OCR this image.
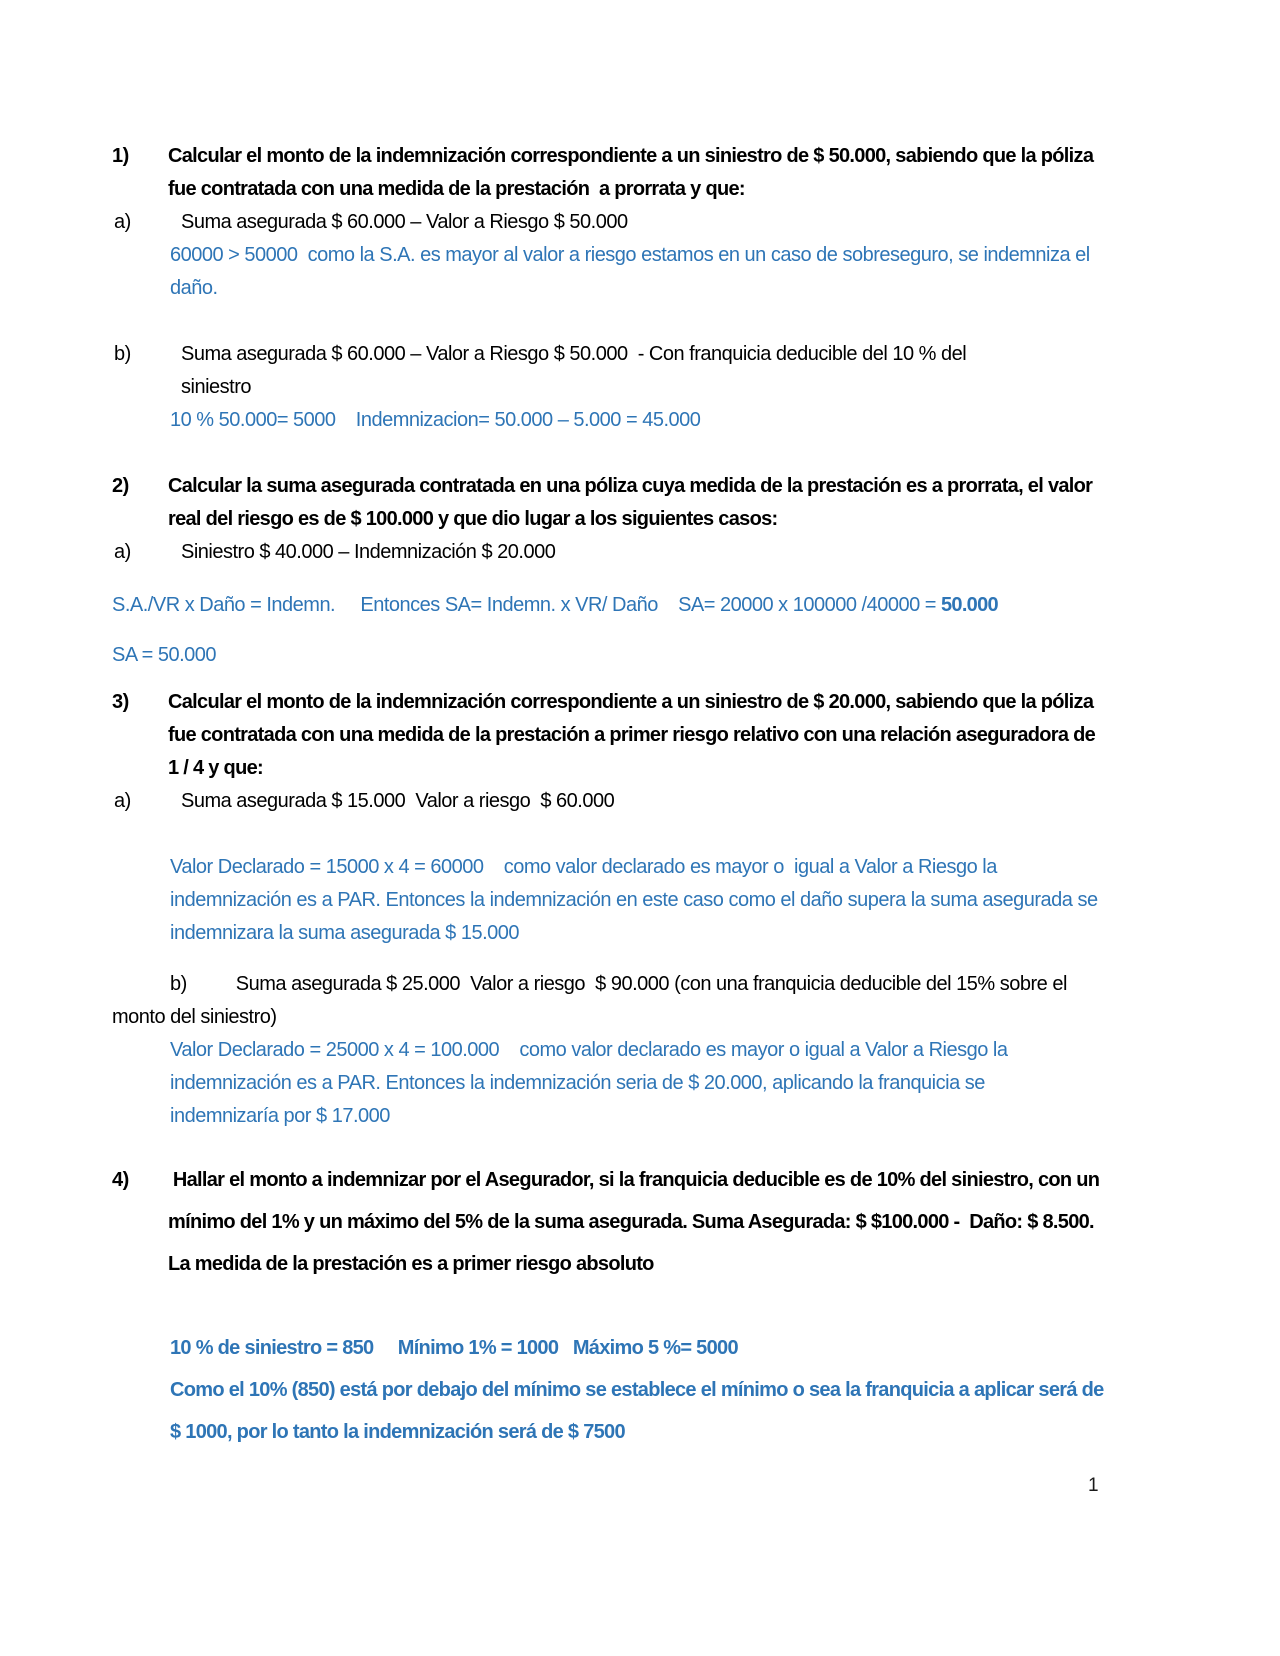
1)	Calcular el monto de la indemnización correspondiente a un siniestro de $ 50.000, sabiendo que la póliza
fue contratada con una medida de la prestación  a prorrata y que:
a)	Suma asegurada $ 60.000 – Valor a Riesgo $ 50.000
60000 > 50000  como la S.A. es mayor al valor a riesgo estamos en un caso de sobreseguro, se indemniza el
daño.
b)	Suma asegurada $ 60.000 – Valor a Riesgo $ 50.000  - Con franquicia deducible del 10 % del
siniestro
10 % 50.000= 5000    Indemnizacion= 50.000 – 5.000 = 45.000
2)	Calcular la suma asegurada contratada en una póliza cuya medida de la prestación es a prorrata, el valor
real del riesgo es de $ 100.000 y que dio lugar a los siguientes casos:
a)	Siniestro $ 40.000 – Indemnización $ 20.000
S.A./VR x Daño = Indemn.     Entonces SA= Indemn. x VR/ Daño    SA= 20000 x 100000 /40000 = 50.000
SA = 50.000
3)	Calcular el monto de la indemnización correspondiente a un siniestro de $ 20.000, sabiendo que la póliza
fue contratada con una medida de la prestación a primer riesgo relativo con una relación aseguradora de
1 / 4 y que:
a)	Suma asegurada $ 15.000  Valor a riesgo  $ 60.000
Valor Declarado = 15000 x 4 = 60000    como valor declarado es mayor o  igual a Valor a Riesgo la
indemnización es a PAR. Entonces la indemnización en este caso como el daño supera la suma asegurada se
indemnizara la suma asegurada $ 15.000
b) Suma asegurada $ 25.000  Valor a riesgo  $ 90.000 (con una franquicia deducible del 15% sobre el
monto del siniestro)
Valor Declarado = 25000 x 4 = 100.000    como valor declarado es mayor o igual a Valor a Riesgo la
indemnización es a PAR. Entonces la indemnización seria de $ 20.000, aplicando la franquicia se
indemnizaría por $ 17.000
4)	Hallar el monto a indemnizar por el Asegurador, si la franquicia deducible es de 10% del siniestro, con un
mínimo del 1% y un máximo del 5% de la suma asegurada. Suma Asegurada: $ $100.000 -  Daño: $ 8.500.
La medida de la prestación es a primer riesgo absoluto
10 % de siniestro = 850     Mínimo 1% = 1000   Máximo 5 %= 5000
Como el 10% (850) está por debajo del mínimo se establece el mínimo o sea la franquicia a aplicar será de
$ 1000, por lo tanto la indemnización será de $ 7500
1
